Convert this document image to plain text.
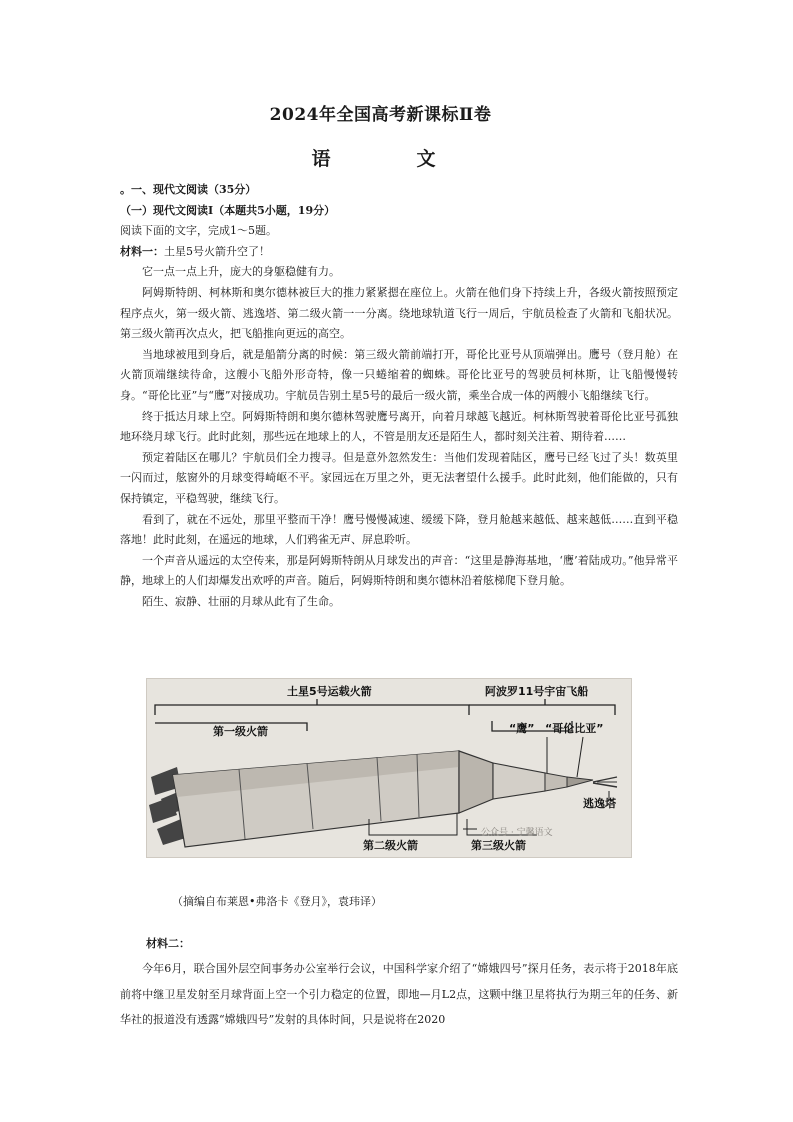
2024年全国高考新课标Ⅱ卷
语文

。一、现代文阅读（35分）

（一）现代文阅读Ⅰ（本题共5小题，19分）

阅读下面的文字，完成1～5题。

材料一：土星5号火箭升空了！

它一点一点上升，庞大的身躯稳健有力。

阿姆斯特朗、柯林斯和奥尔德林被巨大的推力紧紧摁在座位上。火箭在他们身下持续上升，各级火箭按照预定程序点火，第一级火箭、逃逸塔、第二级火箭一一分离。绕地球轨道飞行一周后，宇航员检查了火箭和飞船状况。第三级火箭再次点火，把飞船推向更远的高空。

当地球被甩到身后，就是船箭分离的时候：第三级火箭前端打开，哥伦比亚号从顶端弹出。鹰号（登月舱）在火箭顶端继续待命，这艘小飞船外形奇特，像一只蜷缩着的蜘蛛。哥伦比亚号的驾驶员柯林斯，让飞船慢慢转身。“哥伦比亚”与“鹰”对接成功。宇航员告别土星5号的最后一级火箭，乘坐合成一体的两艘小飞船继续飞行。

终于抵达月球上空。阿姆斯特朗和奥尔德林驾驶鹰号离开，向着月球越飞越近。柯林斯驾驶着哥伦比亚号孤独地环绕月球飞行。此时此刻，那些远在地球上的人，不管是朋友还是陌生人，都时刻关注着、期待着……

预定着陆区在哪儿？宇航员们全力搜寻。但是意外忽然发生：当他们发现着陆区，鹰号已经飞过了头！数英里一闪而过，舷窗外的月球变得崎岖不平。家园远在万里之外，更无法奢望什么援手。此时此刻，他们能做的，只有保持镇定，平稳驾驶，继续飞行。

看到了，就在不远处，那里平整而干净！鹰号慢慢减速、缓缓下降，登月舱越来越低、越来越低……直到平稳落地！此时此刻，在遥远的地球，人们鸦雀无声、屏息聆听。

一个声音从遥远的太空传来，那是阿姆斯特朗从月球发出的声音：“这里是静海基地，‘鹰’着陆成功。”他异常平静，地球上的人们却爆发出欢呼的声音。随后，阿姆斯特朗和奥尔德林沿着舷梯爬下登月舱。

陌生、寂静、壮丽的月球从此有了生命。

土星5号运载火箭	阿波罗11号宇宙飞船
第一级火箭	“鹰” “哥伦比亚”
逃逸塔
第二级火箭	第三级火箭
公众号 · 宁馨语文
（摘编自布莱恩•弗洛卡《登月》，袁玮译）

材料二：

今年6月，联合国外层空间事务办公室举行会议，中国科学家介绍了“嫦娥四号”探月任务，表示将于2018年底前将中继卫星发射至月球背面上空一个引力稳定的位置，即地—月L2点，这颗中继卫星将执行为期三年的任务、新华社的报道没有透露“嫦娥四号”发射的具体时间，只是说将在2020
